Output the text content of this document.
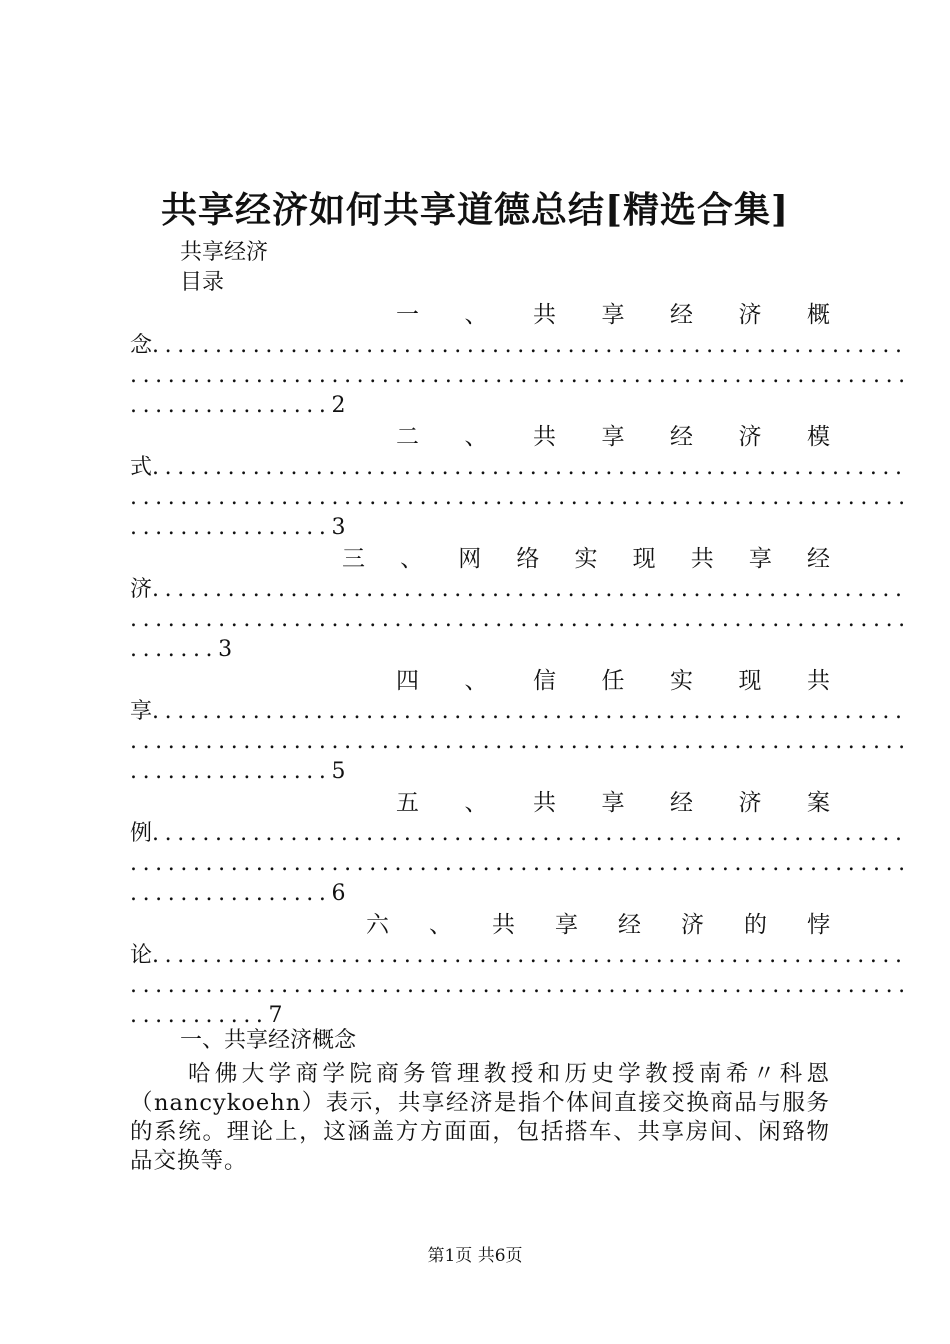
共享经济如何共享道德总结[精选合集]
共享经济
目录
一 、 共 享 经 济 概
念............................................................
..............................................................
................2
二 、 共 享 经 济 模
式............................................................
..............................................................
................3
三 、 网 络 实 现 共 享 经
济............................................................
..............................................................
.......3
四 、 信 任 实 现 共
享............................................................
..............................................................
................5
五 、 共 享 经 济 案
例............................................................
..............................................................
................6
六 、 共 享 经 济 的 悖
论............................................................
..............................................................
...........7
一、共享经济概念
哈佛大学商学院商务管理教授和历史学教授南希〃科恩（nancykoehn）表示，共享经济是指个体间直接交换商品与服务的系统。理论上，这涵盖方方面面，包括搭车、共享房间、闲臵物品交换等。
第1页 共6页
